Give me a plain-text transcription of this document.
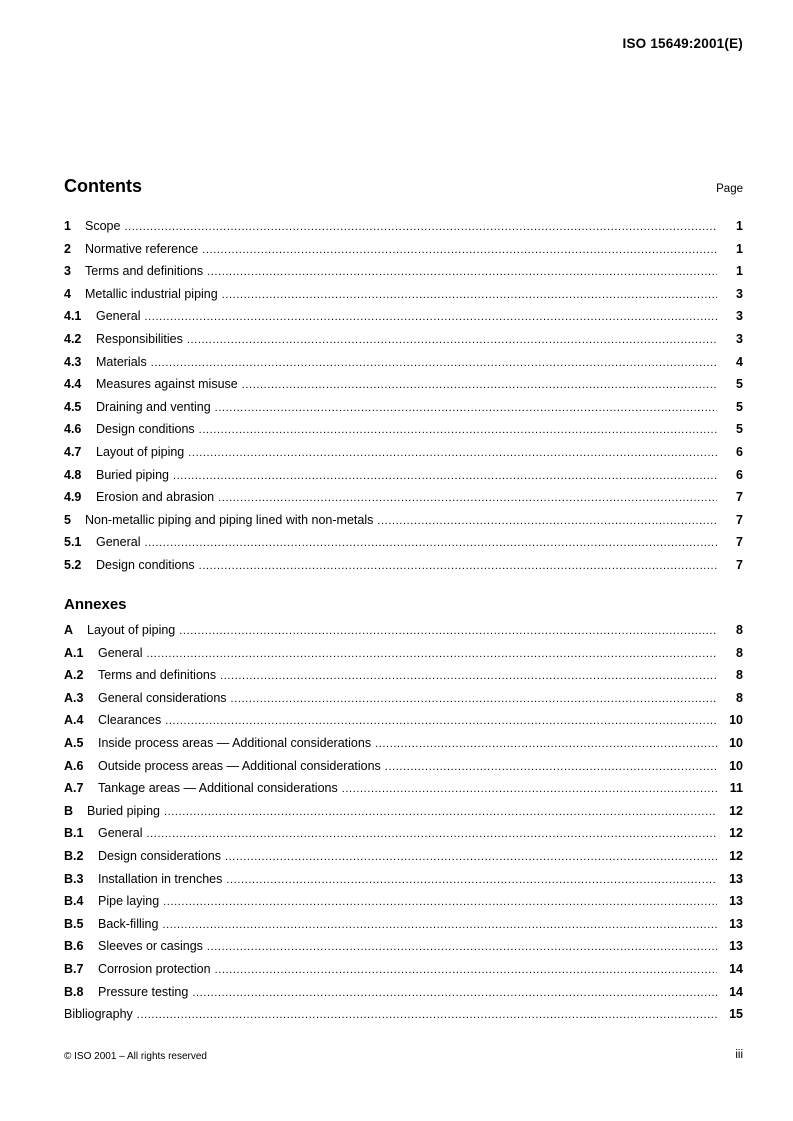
ISO 15649:2001(E)
Contents	Page
1	Scope .....	1
2	Normative reference .....	1
3	Terms and definitions .....	1
4	Metallic industrial piping .....	3
4.1	General .....	3
4.2	Responsibilities .....	3
4.3	Materials .....	4
4.4	Measures against misuse .....	5
4.5	Draining and venting .....	5
4.6	Design conditions .....	5
4.7	Layout of piping .....	6
4.8	Buried piping .....	6
4.9	Erosion and abrasion .....	7
5	Non-metallic piping and piping lined with non-metals .....	7
5.1	General .....	7
5.2	Design conditions .....	7
Annexes
A	Layout of piping .....	8
A.1	General .....	8
A.2	Terms and definitions .....	8
A.3	General considerations .....	8
A.4	Clearances .....	10
A.5	Inside process areas — Additional considerations .....	10
A.6	Outside process areas — Additional considerations .....	10
A.7	Tankage areas — Additional considerations .....	11
B	Buried piping .....	12
B.1	General .....	12
B.2	Design considerations .....	12
B.3	Installation in trenches .....	13
B.4	Pipe laying .....	13
B.5	Back-filling .....	13
B.6	Sleeves or casings .....	13
B.7	Corrosion protection .....	14
B.8	Pressure testing .....	14
Bibliography .....	15
© ISO 2001 – All rights reserved	iii
